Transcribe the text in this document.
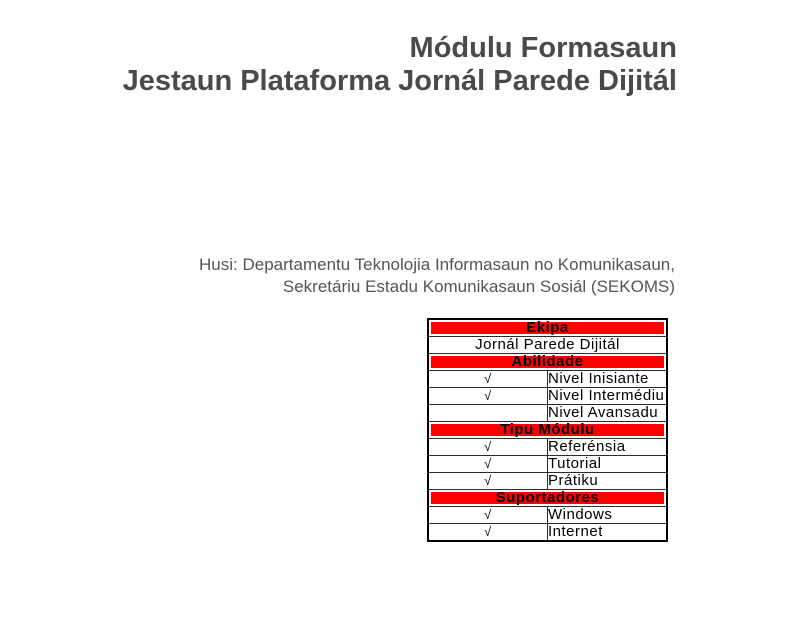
Módulu Formasaun
Jestaun Plataforma Jornál Parede Dijitál
Husi: Departamentu Teknolojia Informasaun no Komunikasaun,
Sekretáriu Estadu Komunikasaun Sosiál (SEKOMS)
Ekipa	
Jornál Parede Dijitál	
Abilidade	
√	Nivel Inisiante
√	Nivel Intermédiu
	Nivel Avansadu
Tipu Módulu	
√	Referénsia
√	Tutorial
√	Prátiku
Suportadores	
√	Windows
√	Internet
